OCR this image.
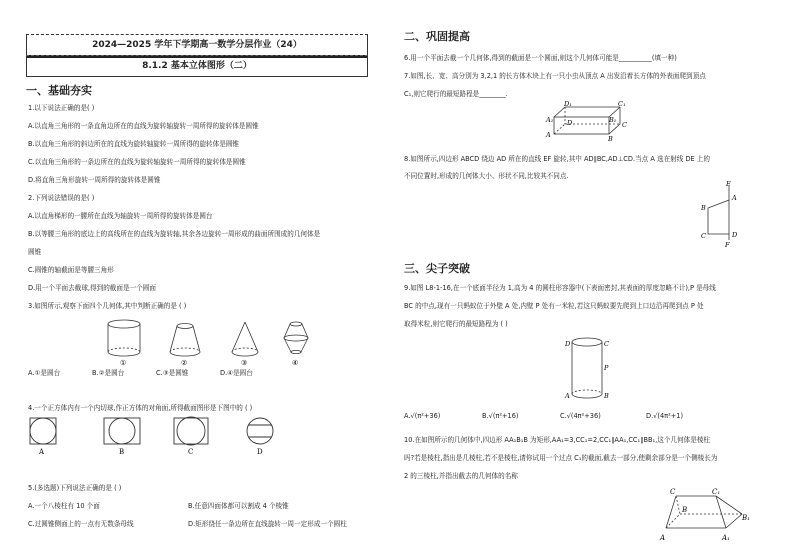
2024—2025 学年下学期高一数学分层作业（24）
8.1.2 基本立体图形（二）
一、基础夯实
1.以下说法正确的是( )
A.以直角三角形的一条直角边所在的直线为旋转轴旋转一周所得的旋转体是圆锥
B.以直角三角形的斜边所在的直线为旋转轴旋转一周所得的旋转体是圆锥
C.以直角三角形的一条边所在的直线为旋转轴旋转一周所得的旋转体是圆锥
D.将直角三角形旋转一周所得的旋转体是圆锥
2.下列说法错误的是( )
A.以直角梯形的一腰所在直线为轴旋转一周所得的旋转体是圆台
B.以等腰三角形的底边上的高线所在的直线为旋转轴,其余各边旋转一周形成的曲面所围成的几何体是
圆锥
C.圆锥的轴截面是等腰三角形
D.用一个平面去截球,得到的截面是一个圆面
3.如图所示,观察下面四个几何体,其中判断正确的是 ( )
①	②	③	④
A.①是圆台	B.②是圆台	C.③是圆锥	D.④是圆台
4.一个正方体内有一个内切球,作正方体的对角面,所得截面图形是下图中的 ( )
A	B	C	D
5.(多选题)下列说法正确的是 ( )
A.一个八棱柱有 10 个面	B.任意四面体都可以割成 4 个棱锥
C.过圆锥侧面上的一点有无数条母线	D.矩形绕任一条边所在直线旋转一周一定形成一个圆柱
二、巩固提高
6.用一个平面去截一个几何体,得到的截面是一个圆面,则这个几何体可能是__________(填一种)
7.如图,长、宽、高分别为 3,2,1 的长方体木块上有一只小虫从顶点 A 出发沿着长方体的外表面爬到顶点
C₁,则它爬行的最短路程是________.
D₁	C₁
D	C
A₁	B₁
A	B
8.如图所示,四边形 ABCD 绕边 AD 所在的直线 EF 旋转,其中 AD∥BC,AD⊥CD.当点 A 选在射线 DE 上的
不同位置时,形成的几何体大小、形状不同,比较其不同点.
E
A
B
C	D
F
三、尖子突破
9.如图 L8-1-16,在一个底面半径为 1,高为 4 的圆柱形容器中(下表面密封,其表面的厚度忽略不计),P 是母线
BC 的中点,现有一只蚂蚁位于外壁 A 处,内壁 P 处有一米粒,若这只蚂蚁要先爬到上口边沿再爬到点 P 处
取得米粒,则它爬行的最短路程为 ( )
D	C
P
A	B
A.√(π²+36)	B.√(π²+16)	C.√(4π²+36)	D.√(4π²+1)
10.在如图所示的几何体中,四边形 AA₁B₁B 为矩形,AA₁=3,CC₁=2,CC₁∥AA₁,CC₁∥BB₁,这个几何体是棱柱
吗?若是棱柱,指出是几棱柱,若不是棱柱,请你试用一个过点 C₁的截面,截去一部分,使剩余部分是一个侧棱长为
2 的三棱柱,并指出截去的几何体的名称
C	C₁
B
B₁
A	A₁
